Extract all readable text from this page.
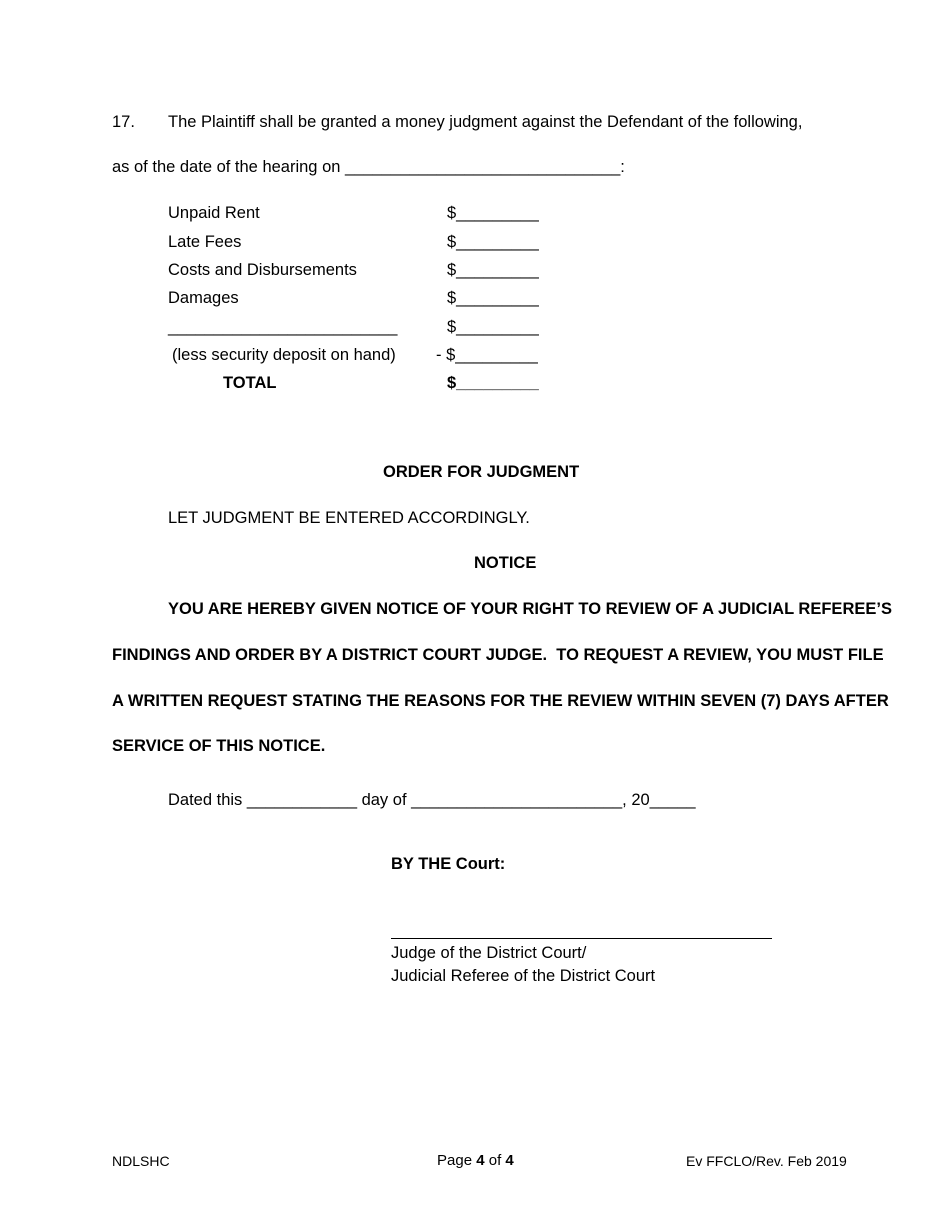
17. The Plaintiff shall be granted a money judgment against the Defendant of the following,
as of the date of the hearing on ______________________________:
Unpaid Rent	$_________
Late Fees	$_________
Costs and Disbursements	$_________
Damages	$_________
_________________________	$_________
(less security deposit on hand) - $_________
TOTAL	$_________
ORDER FOR JUDGMENT
LET JUDGMENT BE ENTERED ACCORDINGLY.
NOTICE
YOU ARE HEREBY GIVEN NOTICE OF YOUR RIGHT TO REVIEW OF A JUDICIAL REFEREE’S
FINDINGS AND ORDER BY A DISTRICT COURT JUDGE.  TO REQUEST A REVIEW, YOU MUST FILE
A WRITTEN REQUEST STATING THE REASONS FOR THE REVIEW WITHIN SEVEN (7) DAYS AFTER
SERVICE OF THIS NOTICE.
Dated this ____________ day of _______________________, 20_____
BY THE Court:
Judge of the District Court/
Judicial Referee of the District Court
NDLSHC	Page 4 of 4	Ev FFCLO/Rev. Feb 2019
